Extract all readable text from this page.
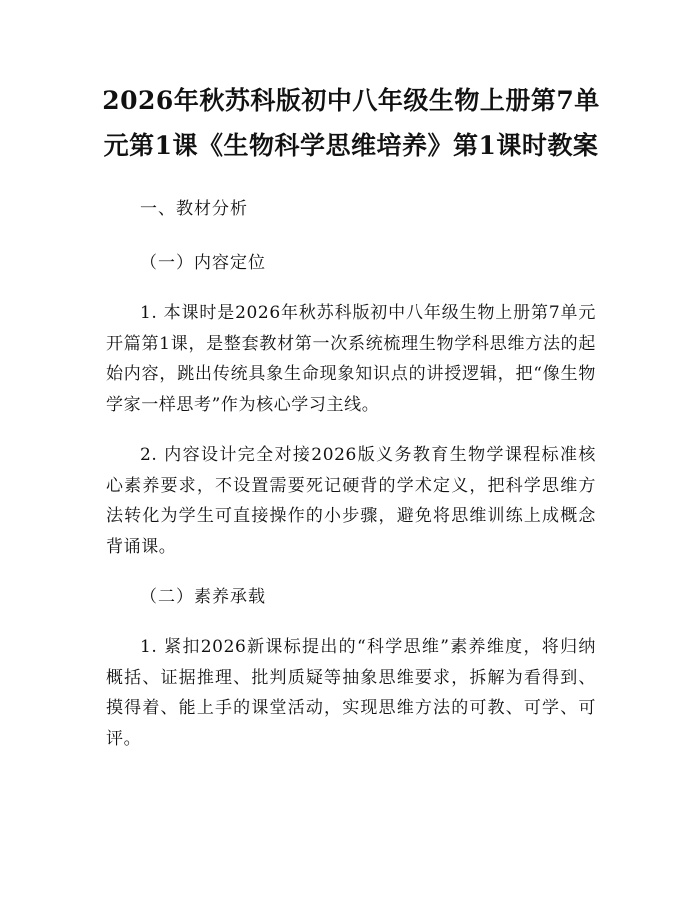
2026年秋苏科版初中八年级生物上册第7单元第1课《生物科学思维培养》第1课时教案
一、教材分析
（一）内容定位
1. 本课时是2026年秋苏科版初中八年级生物上册第7单元开篇第1课，是整套教材第一次系统梳理生物学科思维方法的起始内容，跳出传统具象生命现象知识点的讲授逻辑，把“像生物学家一样思考”作为核心学习主线。
2. 内容设计完全对接2026版义务教育生物学课程标准核心素养要求，不设置需要死记硬背的学术定义，把科学思维方法转化为学生可直接操作的小步骤，避免将思维训练上成概念背诵课。
（二）素养承载
1. 紧扣2026新课标提出的“科学思维”素养维度，将归纳概括、证据推理、批判质疑等抽象思维要求，拆解为看得到、摸得着、能上手的课堂活动，实现思维方法的可教、可学、可评。
